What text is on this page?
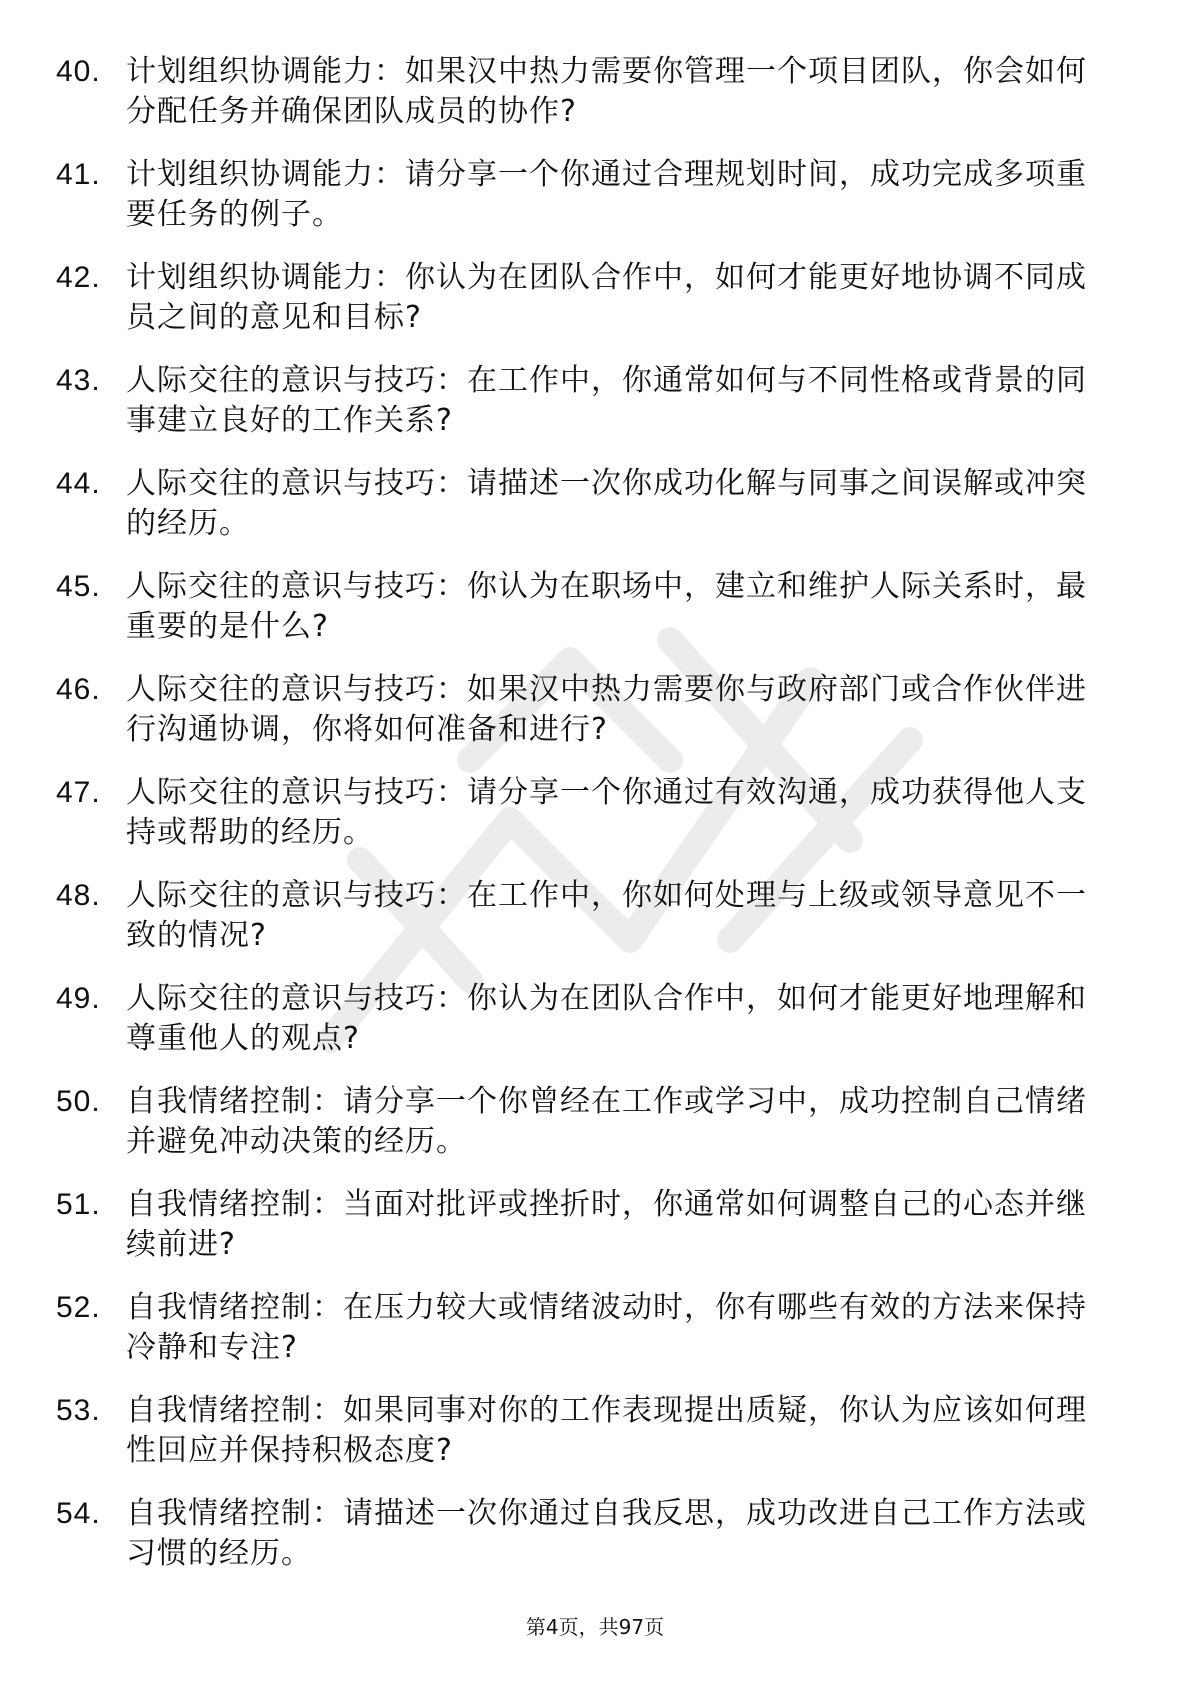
40. 计划组织协调能力：如果汉中热力需要你管理一个项目团队，你会如何分配任务并确保团队成员的协作?
41. 计划组织协调能力：请分享一个你通过合理规划时间，成功完成多项重要任务的例子。
42. 计划组织协调能力：你认为在团队合作中，如何才能更好地协调不同成员之间的意见和目标?
43. 人际交往的意识与技巧：在工作中，你通常如何与不同性格或背景的同事建立良好的工作关系?
44. 人际交往的意识与技巧：请描述一次你成功化解与同事之间误解或冲突的经历。
45. 人际交往的意识与技巧：你认为在职场中，建立和维护人际关系时，最重要的是什么?
46. 人际交往的意识与技巧：如果汉中热力需要你与政府部门或合作伙伴进行沟通协调，你将如何准备和进行?
47. 人际交往的意识与技巧：请分享一个你通过有效沟通，成功获得他人支持或帮助的经历。
48. 人际交往的意识与技巧：在工作中，你如何处理与上级或领导意见不一致的情况?
49. 人际交往的意识与技巧：你认为在团队合作中，如何才能更好地理解和尊重他人的观点?
50. 自我情绪控制：请分享一个你曾经在工作或学习中，成功控制自己情绪并避免冲动决策的经历。
51. 自我情绪控制：当面对批评或挫折时，你通常如何调整自己的心态并继续前进?
52. 自我情绪控制：在压力较大或情绪波动时，你有哪些有效的方法来保持冷静和专注?
53. 自我情绪控制：如果同事对你的工作表现提出质疑，你认为应该如何理性回应并保持积极态度?
54. 自我情绪控制：请描述一次你通过自我反思，成功改进自己工作方法或习惯的经历。
第4页，共97页
